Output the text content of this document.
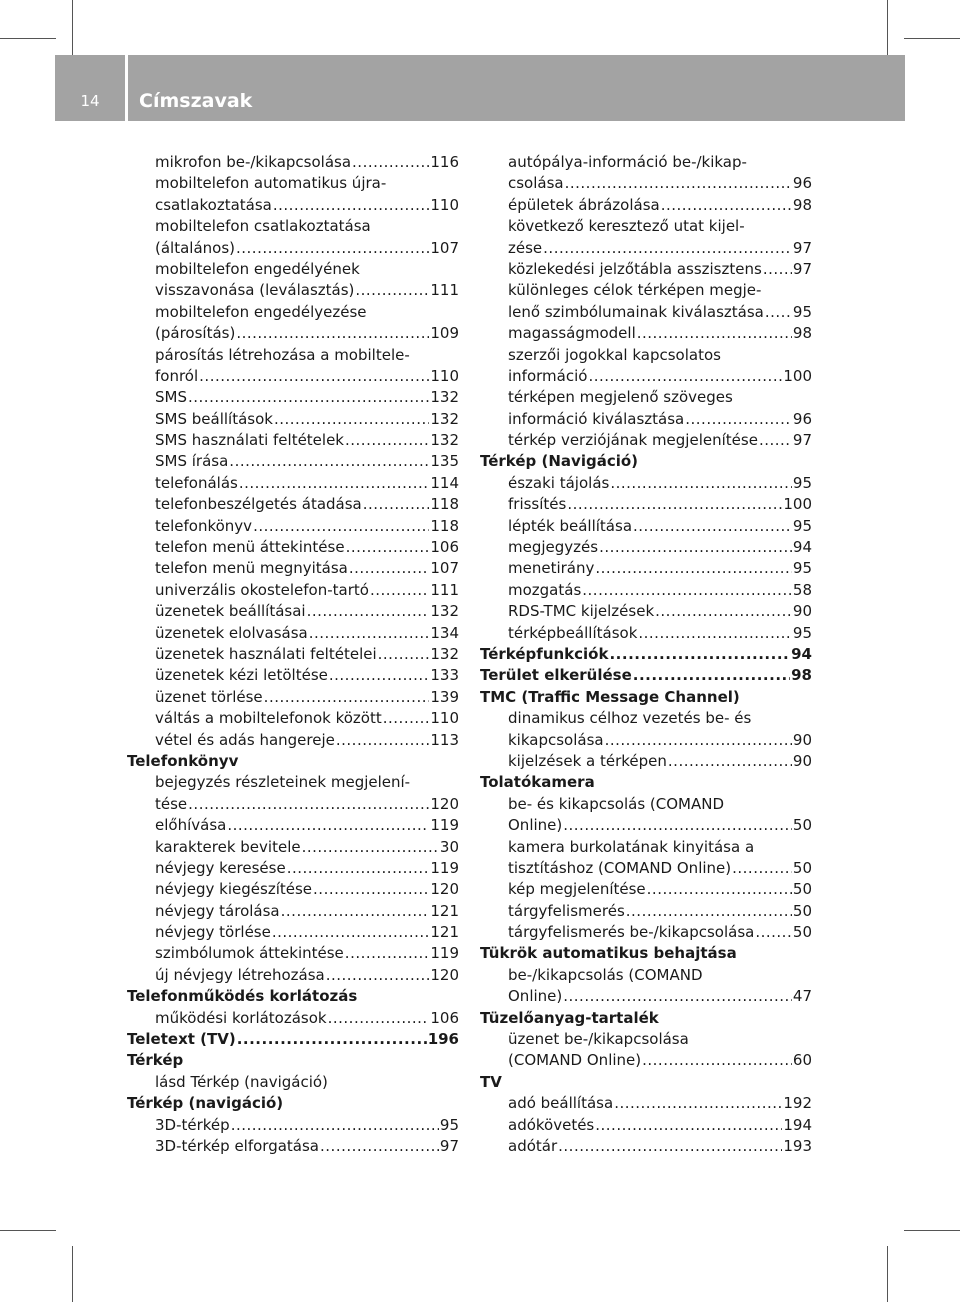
14	Címszavak
mikrofon be-/kikapcsolása .....	116
mobiltelefon automatikus újra-
csatlakoztatása .....	110
mobiltelefon csatlakoztatása
(általános) .....	107
mobiltelefon engedélyének
visszavonása (leválasztás) .....	111
mobiltelefon engedélyezése
(párosítás) .....	109
párosítás létrehozása a mobiltele-
fonról .....	110
SMS .....	132
SMS beállítások .....	132
SMS használati feltételek .....	132
SMS írása .....	135
telefonálás .....	114
telefonbeszélgetés átadása .....	118
telefonkönyv .....	118
telefon menü áttekintése .....	106
telefon menü megnyitása .....	107
univerzális okostelefon-tartó .....	111
üzenetek beállításai .....	132
üzenetek elolvasása .....	134
üzenetek használati feltételei .....	132
üzenetek kézi letöltése .....	133
üzenet törlése .....	139
váltás a mobiltelefonok között .....	110
vétel és adás hangereje .....	113
Telefonkönyv
bejegyzés részleteinek megjelení-
tése .....	120
előhívása .....	119
karakterek bevitele .....	30
névjegy keresése .....	119
névjegy kiegészítése .....	120
névjegy tárolása .....	121
névjegy törlése .....	121
szimbólumok áttekintése .....	119
új névjegy létrehozása .....	120
Telefonműködés korlátozás
működési korlátozások .....	106
Teletext (TV) .....	196
Térkép
lásd Térkép (navigáció)
Térkép (navigáció)
3D-térkép .....	95
3D-térkép elforgatása .....	97
autópálya-információ be-/kikap-
csolása .....	96
épületek ábrázolása .....	98
következő keresztező utat kijel-
zése .....	97
közlekedési jelzőtábla asszisztens ..... 97
különleges célok térképen megje-
lenő szimbólumainak kiválasztása ..... 95
magasságmodell .....	98
szerzői jogokkal kapcsolatos
információ .....	100
térképen megjelenő szöveges
információ kiválasztása .....	96
térkép verziójának megjelenítése ..... 97
Térkép (Navigáció)
északi tájolás .....	95
frissítés .....	100
lépték beállítása .....	95
megjegyzés .....	94
menetirány .....	95
mozgatás .....	58
RDS-TMC kijelzések .....	90
térképbeállítások .....	95
Térképfunkciók .....	94
Terület elkerülése .....	98
TMC (Traffic Message Channel)
dinamikus célhoz vezetés be- és
kikapcsolása .....	90
kijelzések a térképen .....	90
Tolatókamera
be- és kikapcsolás (COMAND
Online) .....	50
kamera burkolatának kinyitása a
tisztításhoz (COMAND Online) .....	50
kép megjelenítése .....	50
tárgyfelismerés .....	50
tárgyfelismerés be-/kikapcsolása .....	50
Tükrök automatikus behajtása
be-/kikapcsolás (COMAND
Online) .....	47
Tüzelőanyag-tartalék
üzenet be-/kikapcsolása
(COMAND Online) .....	60
TV
adó beállítása .....	192
adókövetés .....	194
adótár .....	193
